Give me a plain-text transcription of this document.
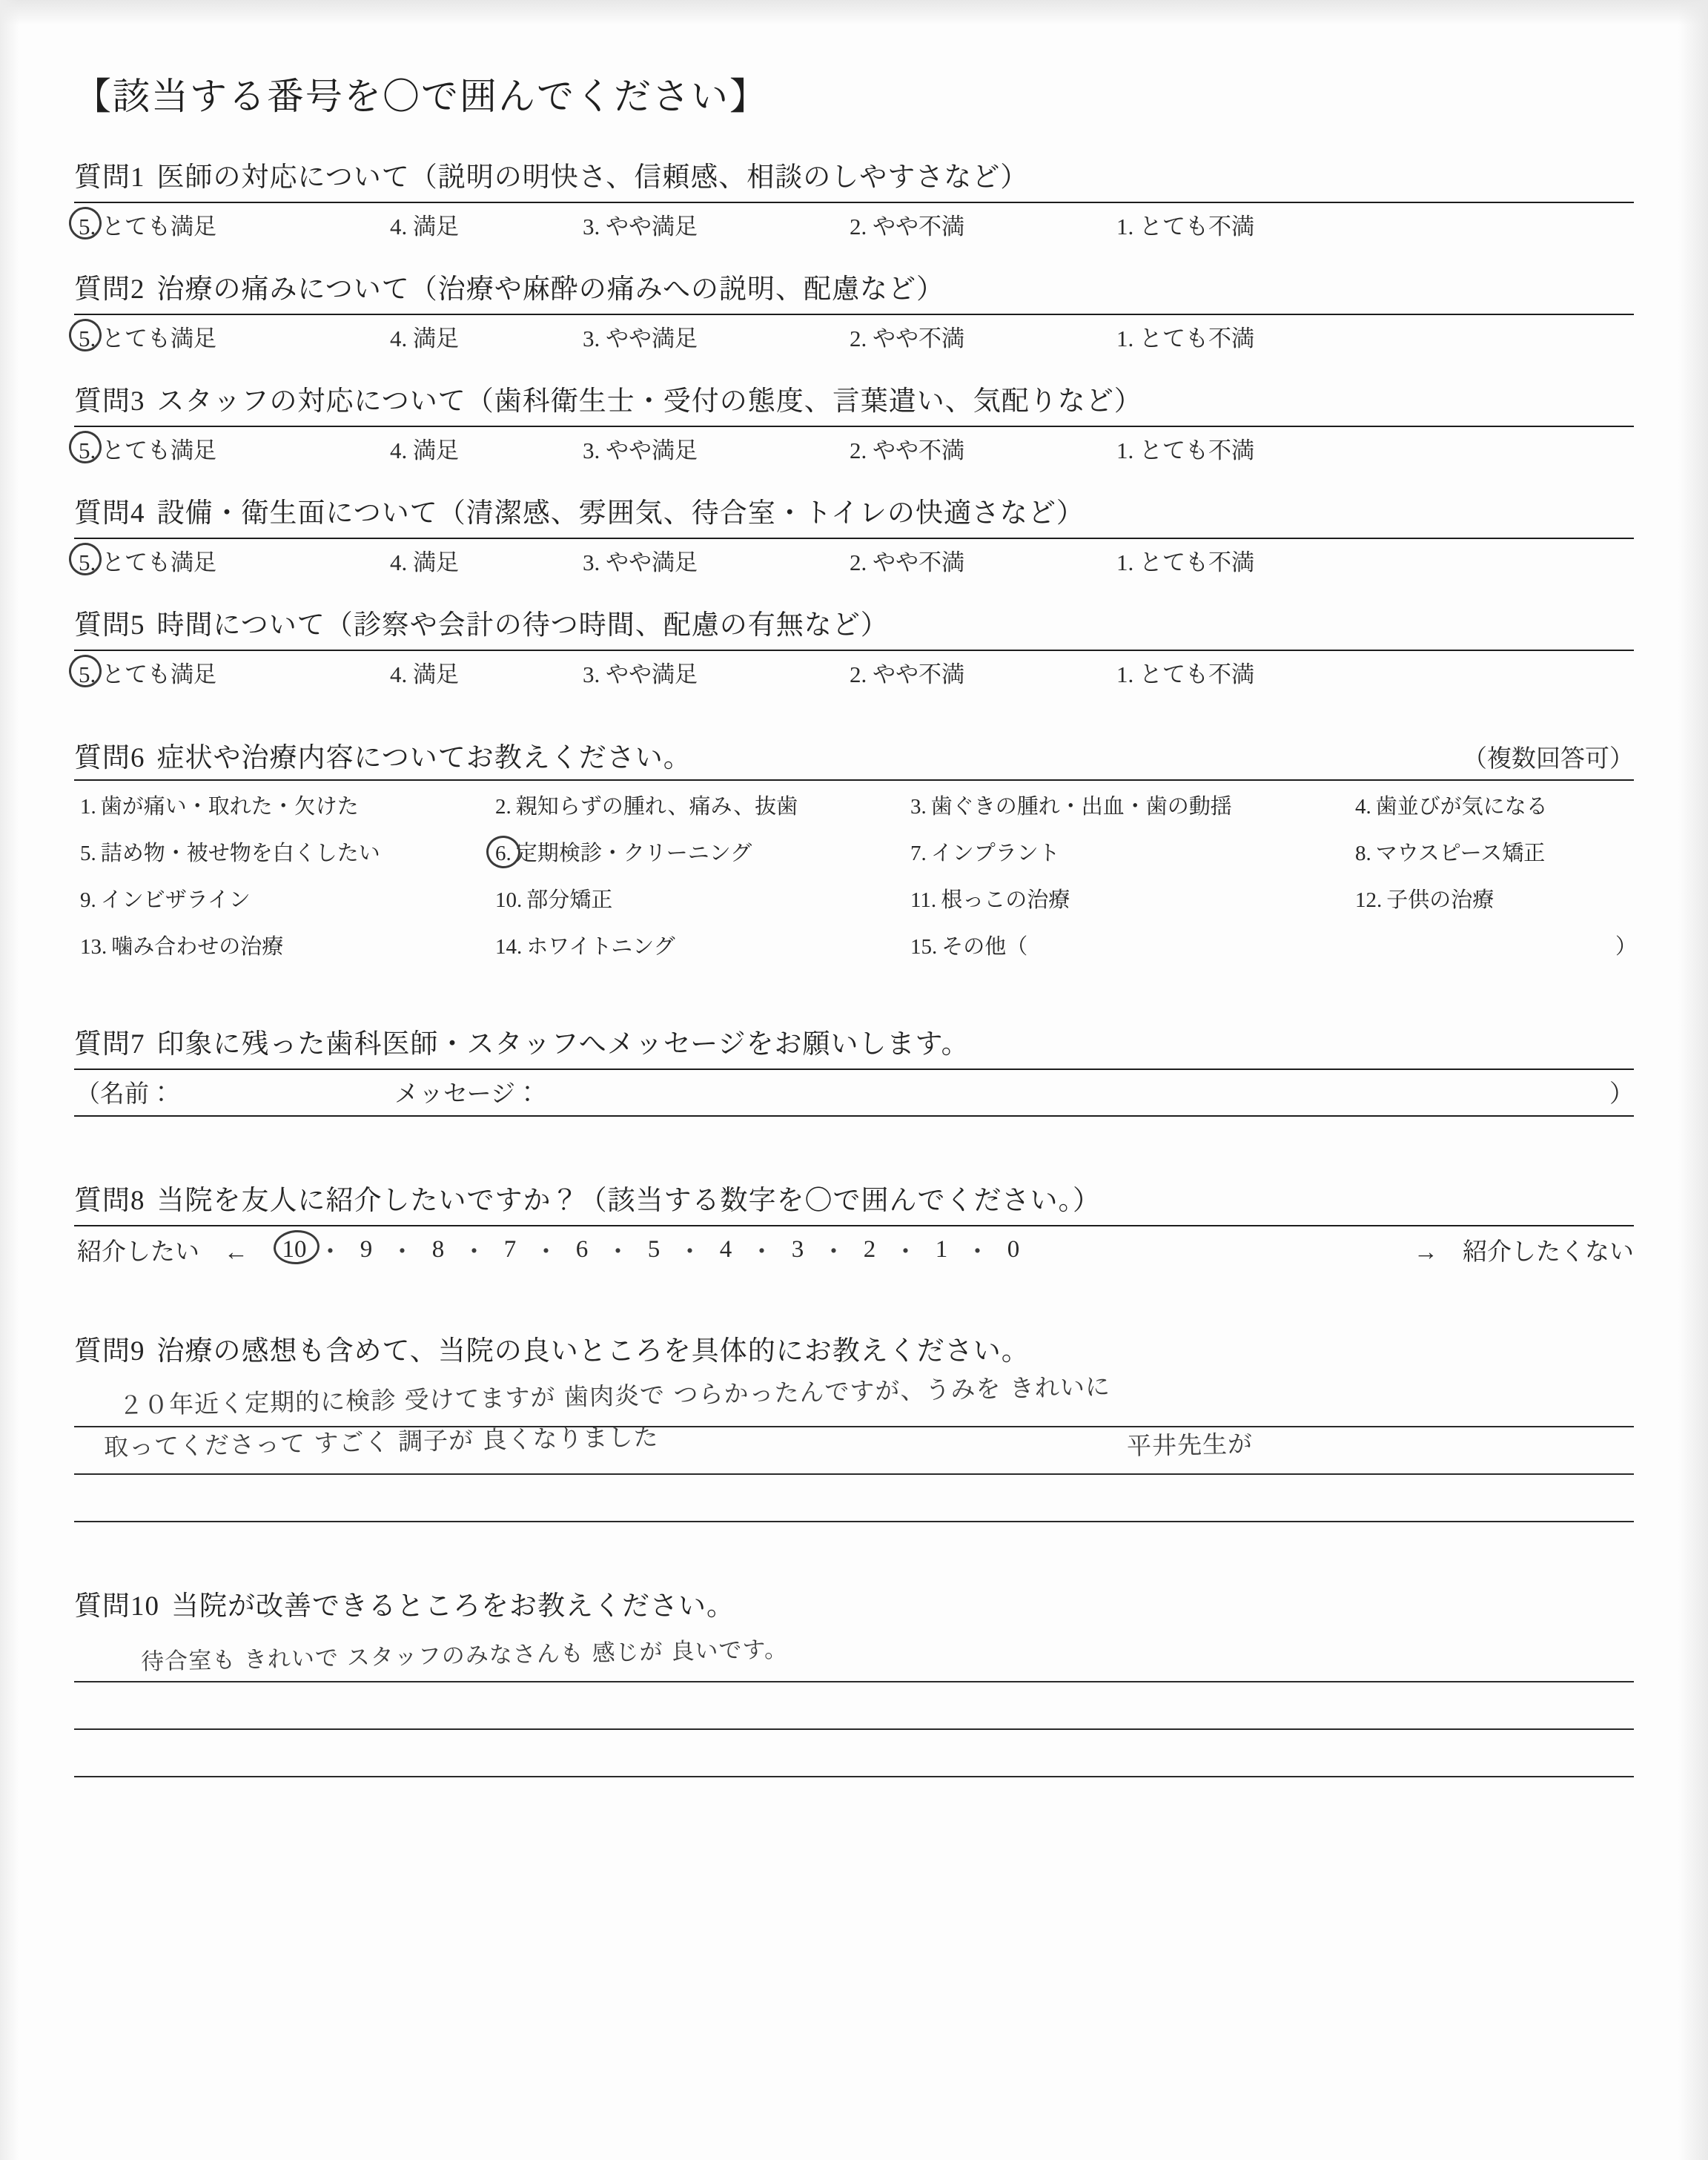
【該当する番号を〇で囲んでください】
質問1 医師の対応について（説明の明快さ、信頼感、相談のしやすさなど）
5. とても満足	4. 満足	3. やや満足	2. やや不満	1. とても不満
質問2 治療の痛みについて（治療や麻酔の痛みへの説明、配慮など）
5. とても満足	4. 満足	3. やや満足	2. やや不満	1. とても不満
質問3 スタッフの対応について（歯科衛生士・受付の態度、言葉遣い、気配りなど）
5. とても満足	4. 満足	3. やや満足	2. やや不満	1. とても不満
質問4 設備・衛生面について（清潔感、雰囲気、待合室・トイレの快適さなど）
5. とても満足	4. 満足	3. やや満足	2. やや不満	1. とても不満
質問5 時間について（診察や会計の待つ時間、配慮の有無など）
5. とても満足	4. 満足	3. やや満足	2. やや不満	1. とても不満
質問6 症状や治療内容についてお教えください。	（複数回答可）
1. 歯が痛い・取れた・欠けた	2. 親知らずの腫れ、痛み、抜歯	3. 歯ぐきの腫れ・出血・歯の動揺	4. 歯並びが気になる
5. 詰め物・被せ物を白くしたい	6. 定期検診・クリーニング	7. インプラント	8. マウスピース矯正
9. インビザライン	10. 部分矯正	11. 根っこの治療	12. 子供の治療
13. 噛み合わせの治療	14. ホワイトニング	15. その他（	）
質問7 印象に残った歯科医師・スタッフへメッセージをお願いします。
（名前：	メッセージ：	）
質問8 当院を友人に紹介したいですか？（該当する数字を〇で囲んでください。）
紹介したい　← 10 ・ 9 ・ 8 ・ 7 ・ 6 ・ 5 ・ 4 ・ 3 ・ 2 ・ 1 ・ 0	→　紹介したくない
質問9 治療の感想も含めて、当院の良いところを具体的にお教えください。
２０年近く定期的に検診 受けてますが 歯肉炎で つらかったんですが、うみを きれいに
取ってくださって すごく 調子が 良くなりました	平井先生が
質問10 当院が改善できるところをお教えください。
待合室も きれいで スタッフのみなさんも 感じが 良いです。
